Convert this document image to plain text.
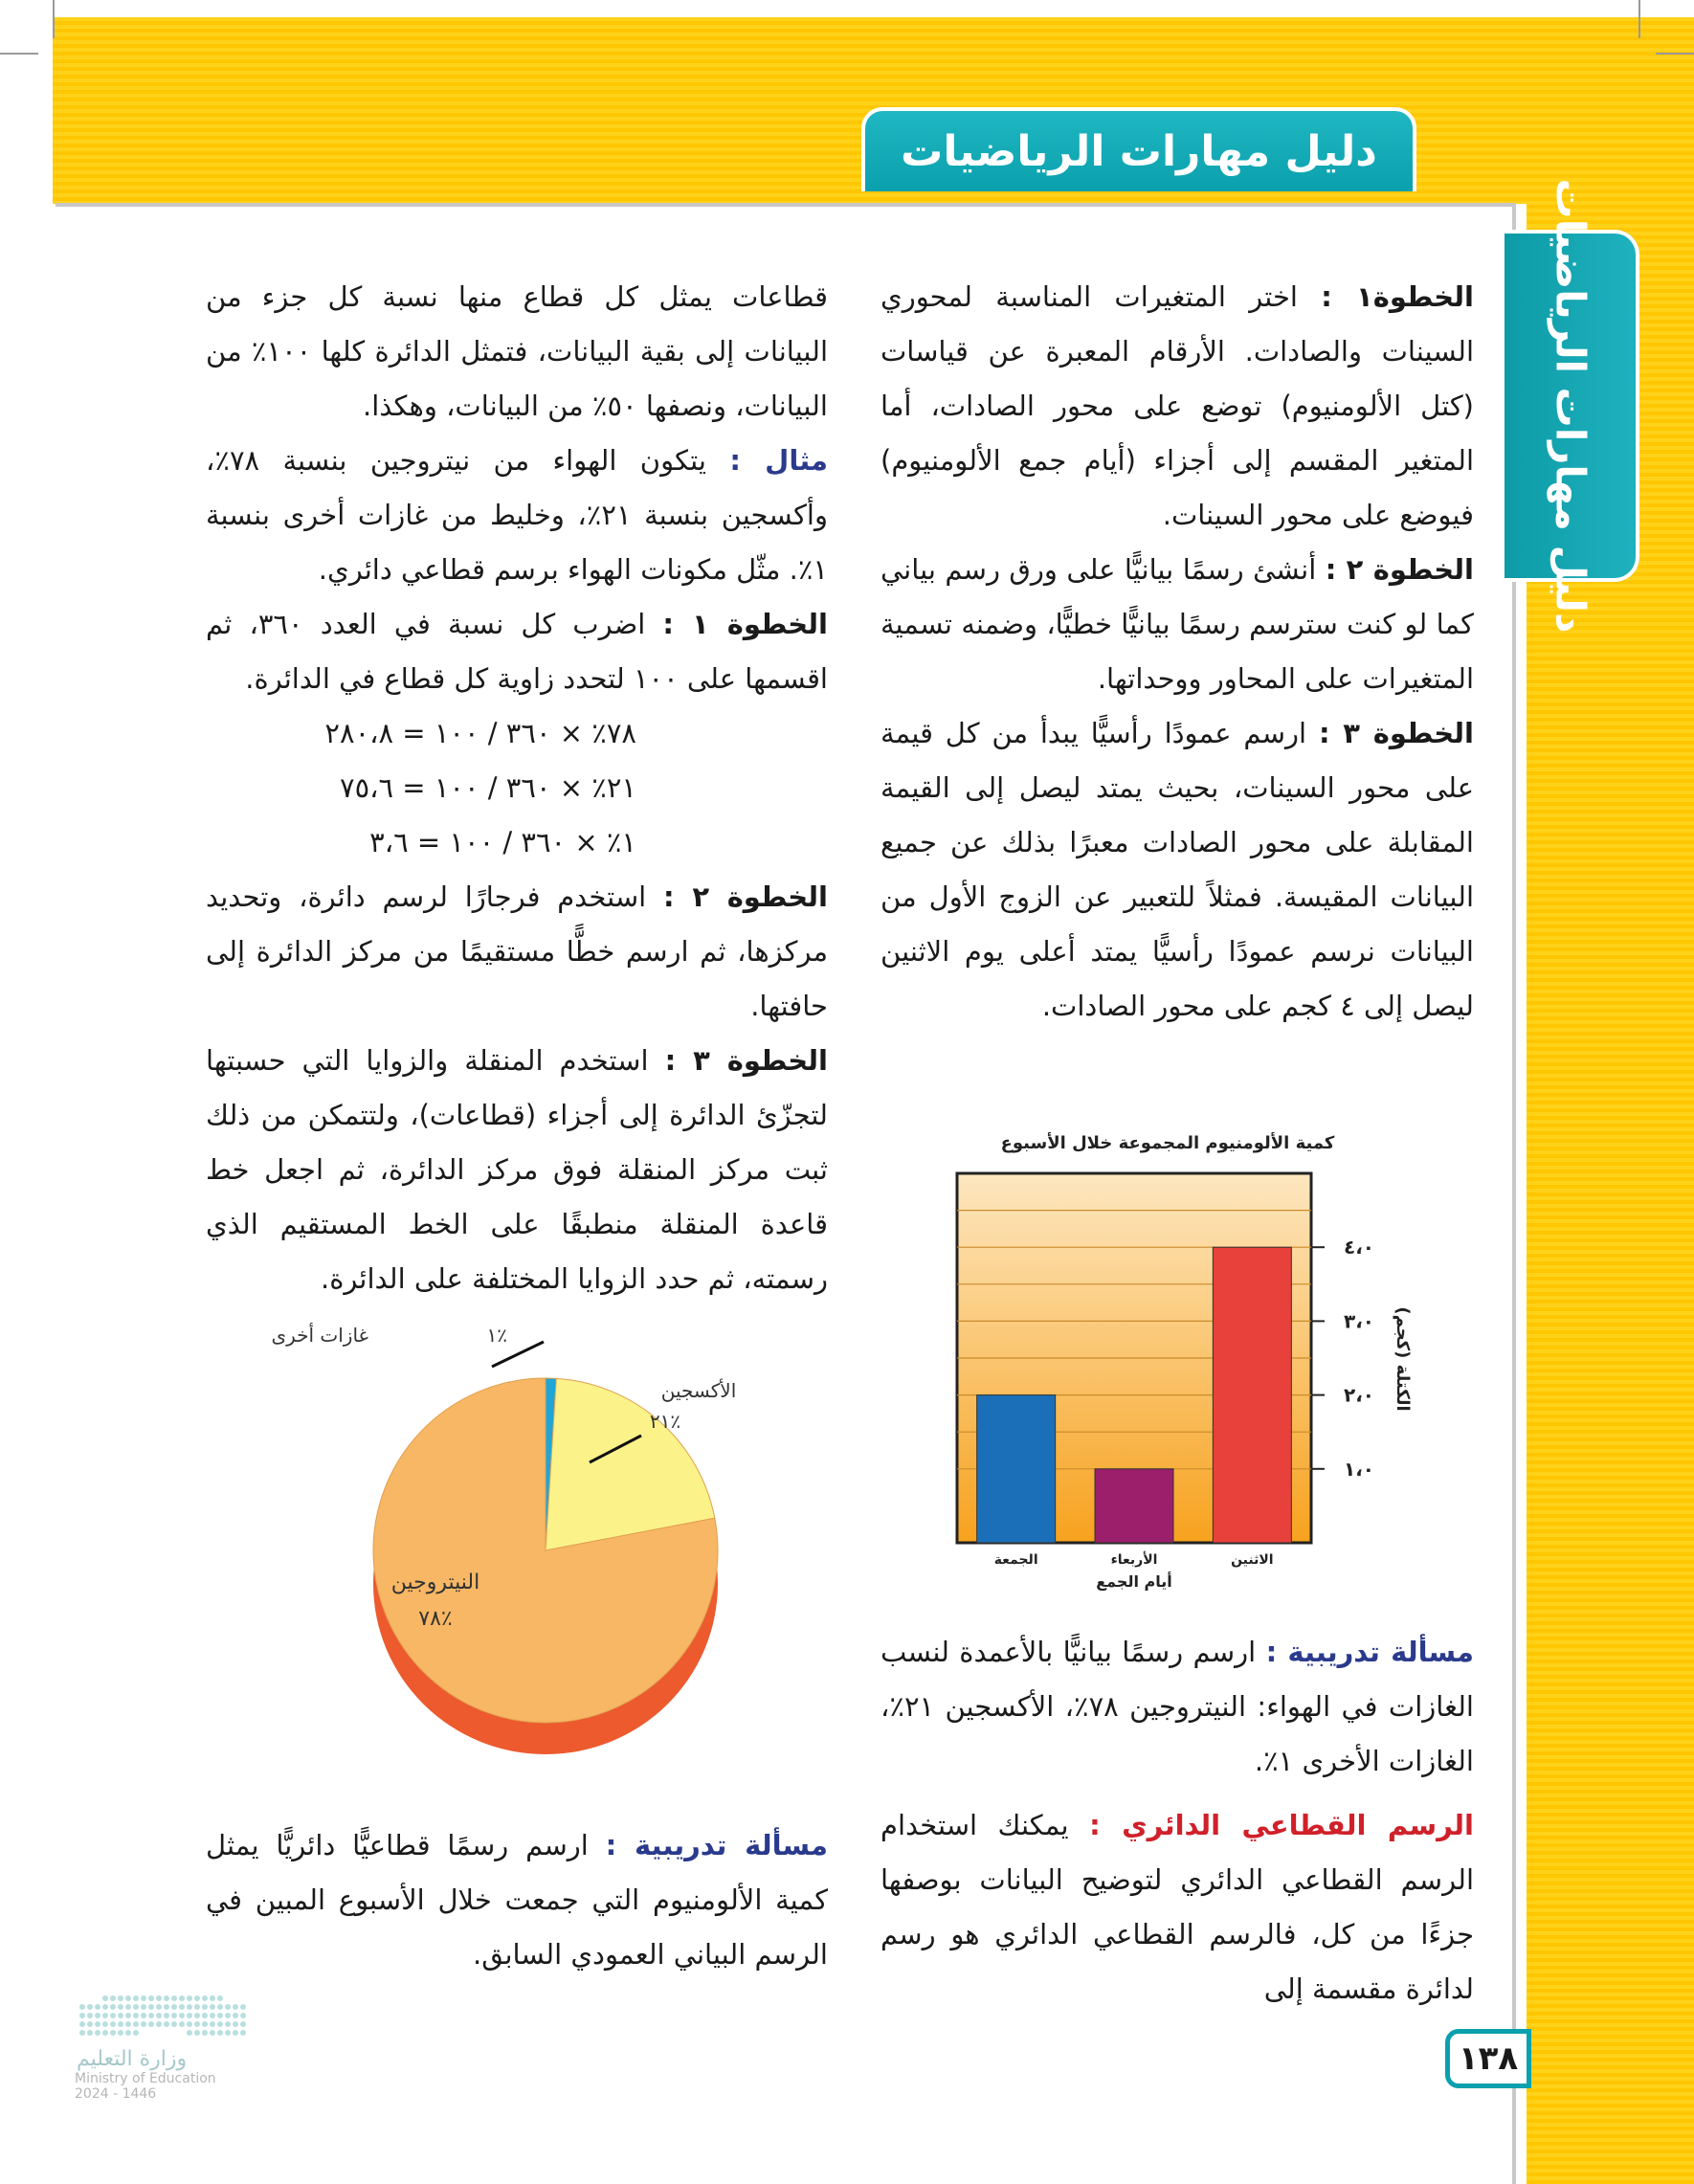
دليل مهارات الرياضيات
دليل مهارات الرياضيات

الخطوة١ : اختر المتغيرات المناسبة لمحوري السينات والصادات. الأرقام المعبرة عن قياسات (كتل الألومنيوم) توضع على محور الصادات، أما المتغير المقسم إلى أجزاء (أيام جمع الألومنيوم) فيوضع على محور السينات.

الخطوة ٢ : أنشئ رسمًا بيانيًّا على ورق رسم بياني كما لو كنت سترسم رسمًا بيانيًّا خطيًّا، وضمنه تسمية المتغيرات على المحاور ووحداتها.

الخطوة ٣ : ارسم عمودًا رأسيًّا يبدأ من كل قيمة على محور السينات، بحيث يمتد ليصل إلى القيمة المقابلة على محور الصادات معبرًا بذلك عن جميع البيانات المقيسة. فمثلاً للتعبير عن الزوج الأول من البيانات نرسم عمودًا رأسيًّا يمتد أعلى يوم الاثنين ليصل إلى ٤ كجم على محور الصادات.

مسألة تدريبية : ارسم رسمًا بيانيًّا بالأعمدة لنسب الغازات في الهواء: النيتروجين ٧٨٪، الأكسجين ٢١٪، الغازات الأخرى ١٪.

الرسم القطاعي الدائري : يمكنك استخدام الرسم القطاعي الدائري لتوضيح البيانات بوصفها جزءًا من كل، فالرسم القطاعي الدائري هو رسم لدائرة مقسمة إلى

قطاعات يمثل كل قطاع منها نسبة كل جزء من البيانات إلى بقية البيانات، فتمثل الدائرة كلها ١٠٠٪ من البيانات، ونصفها ٥٠٪ من البيانات، وهكذا.

مثال : يتكون الهواء من نيتروجين بنسبة ٧٨٪، وأكسجين بنسبة ٢١٪، وخليط من غازات أخرى بنسبة ١٪. مثّل مكونات الهواء برسم قطاعي دائري.

الخطوة ١ : اضرب كل نسبة في العدد ٣٦٠، ثم اقسمها على ١٠٠ لتحدد زاوية كل قطاع في الدائرة.

٧٨٪ × ٣٦٠ / ١٠٠ = ٢٨٠،٨

٢١٪ × ٣٦٠ / ١٠٠ = ٧٥،٦

١٪ × ٣٦٠ / ١٠٠ = ٣،٦

الخطوة ٢ : استخدم فرجارًا لرسم دائرة، وتحديد مركزها، ثم ارسم خطًّا مستقيمًا من مركز الدائرة إلى حافتها.

الخطوة ٣ : استخدم المنقلة والزوايا التي حسبتها لتجزّئ الدائرة إلى أجزاء (قطاعات)، ولتتمكن من ذلك ثبت مركز المنقلة فوق مركز الدائرة، ثم اجعل خط قاعدة المنقلة منطبقًا على الخط المستقيم الذي رسمته، ثم حدد الزوايا المختلفة على الدائرة.

كمية الألومنيوم المجموعة خلال الأسبوع
١،٠
٢،٠
٣،٠
٤،٠
الاثنين
الأربعاء
الجمعة
أيام الجمع
الكتلة (كجم)
غازات أخرى	٪١
الأكسجين
٪٢١
النيتروجين
٪٧٨
مسألة تدريبية : ارسم رسمًا قطاعيًّا دائريًّا يمثل كمية الألومنيوم التي جمعت خلال الأسبوع المبين في الرسم البياني العمودي السابق.
١٣٨
وزارة التعليم
Ministry of Education
2024 - 1446
